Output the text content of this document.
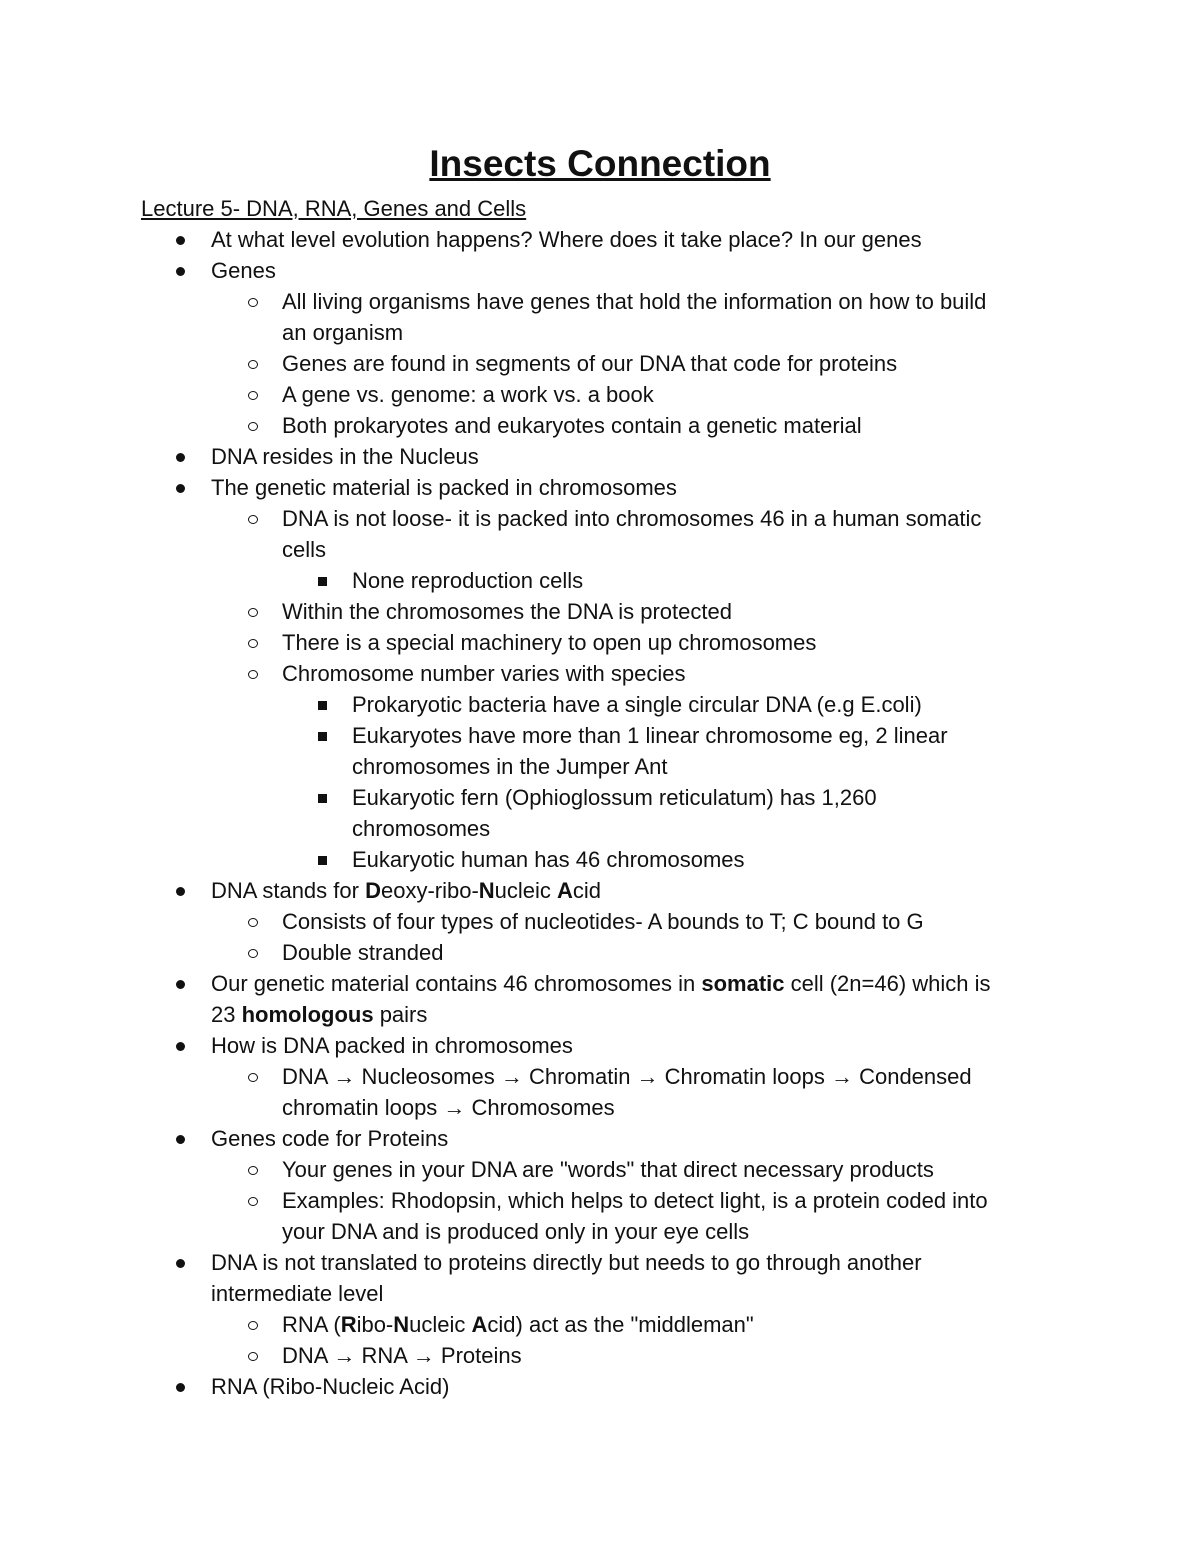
Insects Connection

Lecture 5- DNA, RNA, Genes and Cells

At what level evolution happens? Where does it take place? In our genes
Genes
All living organisms have genes that hold the information on how to build
an organism
Genes are found in segments of our DNA that code for proteins
A gene vs. genome: a work vs. a book
Both prokaryotes and eukaryotes contain a genetic material
DNA resides in the Nucleus
The genetic material is packed in chromosomes
DNA is not loose- it is packed into chromosomes 46 in a human somatic
cells
None reproduction cells
Within the chromosomes the DNA is protected
There is a special machinery to open up chromosomes
Chromosome number varies with species
Prokaryotic bacteria have a single circular DNA (e.g E.coli)
Eukaryotes have more than 1 linear chromosome eg, 2 linear
chromosomes in the Jumper Ant
Eukaryotic fern (Ophioglossum reticulatum) has 1,260
chromosomes
Eukaryotic human has 46 chromosomes
DNA stands for Deoxy-ribo-Nucleic Acid
Consists of four types of nucleotides- A bounds to T; C bound to G
Double stranded
Our genetic material contains 46 chromosomes in somatic cell (2n=46) which is
23 homologous pairs
How is DNA packed in chromosomes
DNA → Nucleosomes → Chromatin → Chromatin loops → Condensed
chromatin loops → Chromosomes
Genes code for Proteins
Your genes in your DNA are "words" that direct necessary products
Examples: Rhodopsin, which helps to detect light, is a protein coded into
your DNA and is produced only in your eye cells
DNA is not translated to proteins directly but needs to go through another
intermediate level
RNA (Ribo-Nucleic Acid) act as the "middleman"
DNA → RNA → Proteins
RNA (Ribo-Nucleic Acid)
